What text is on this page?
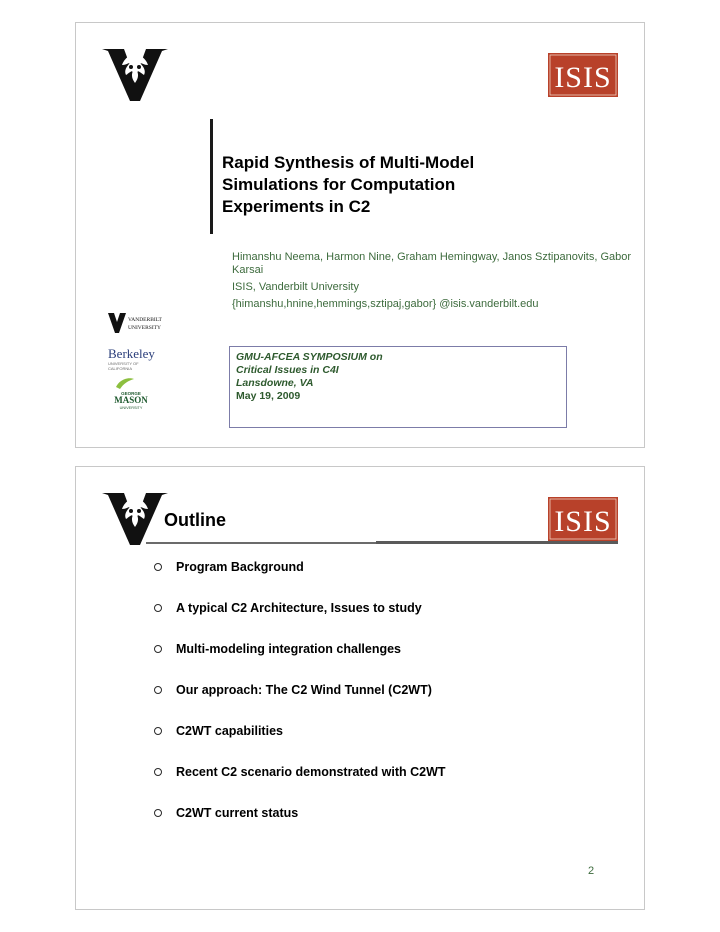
ISIS
Rapid Synthesis of Multi-Model
Simulations for Computation
Experiments in C2
Himanshu Neema, Harmon Nine, Graham Hemingway, Janos Sztipanovits, Gabor Karsai
ISIS, Vanderbilt University
{himanshu,hnine,hemmings,sztipaj,gabor} @isis.vanderbilt.edu
VANDERBILT
UNIVERSITY
Berkeley
UNIVERSITY OF CALIFORNIA
GEORGE
MASON
UNIVERSITY
GMU-AFCEA SYMPOSIUM on
Critical Issues in C4I
Lansdowne, VA
May 19, 2009
Outline	ISIS
Program Background
A typical C2 Architecture, Issues to study
Multi-modeling integration challenges
Our approach: The C2 Wind Tunnel (C2WT)
C2WT capabilities
Recent C2 scenario demonstrated with C2WT
C2WT current status
2
